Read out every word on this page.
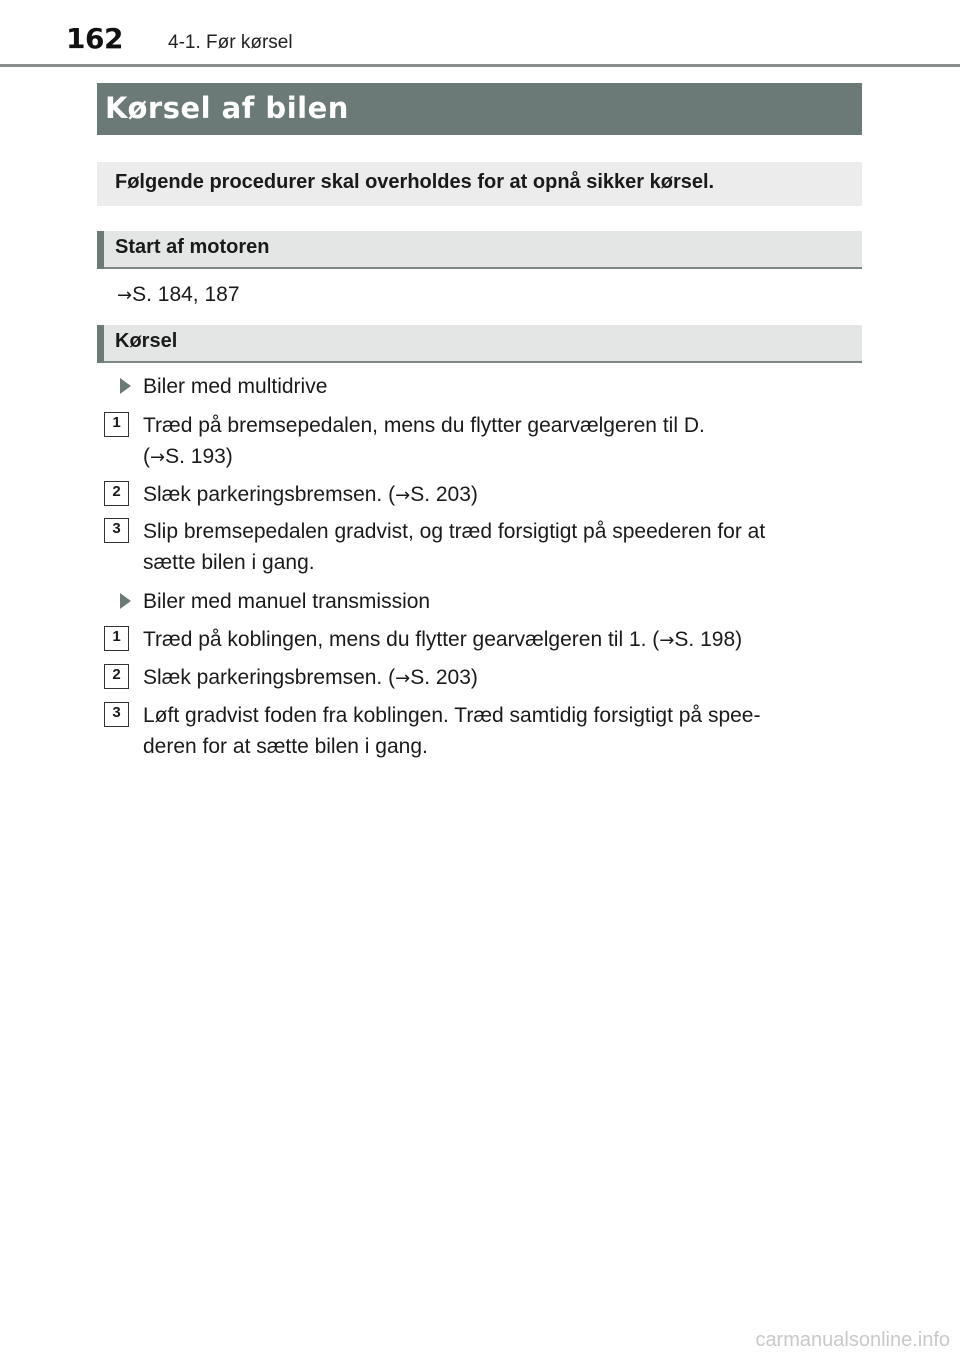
162 4-1. Før kørsel
Kørsel af bilen
Følgende procedurer skal overholdes for at opnå sikker kørsel.
Start af motoren
→S. 184, 187
Kørsel
Biler med multidrive
1	Træd på bremsepedalen, mens du flytter gearvælgeren til D.
(→S. 193)
2	Slæk parkeringsbremsen. (→S. 203)
3	Slip bremsepedalen gradvist, og træd forsigtigt på speederen for at
sætte bilen i gang.
Biler med manuel transmission
1	Træd på koblingen, mens du flytter gearvælgeren til 1. (→S. 198)
2	Slæk parkeringsbremsen. (→S. 203)
3	Løft gradvist foden fra koblingen. Træd samtidig forsigtigt på spee-
deren for at sætte bilen i gang.
carmanualsonline.info
